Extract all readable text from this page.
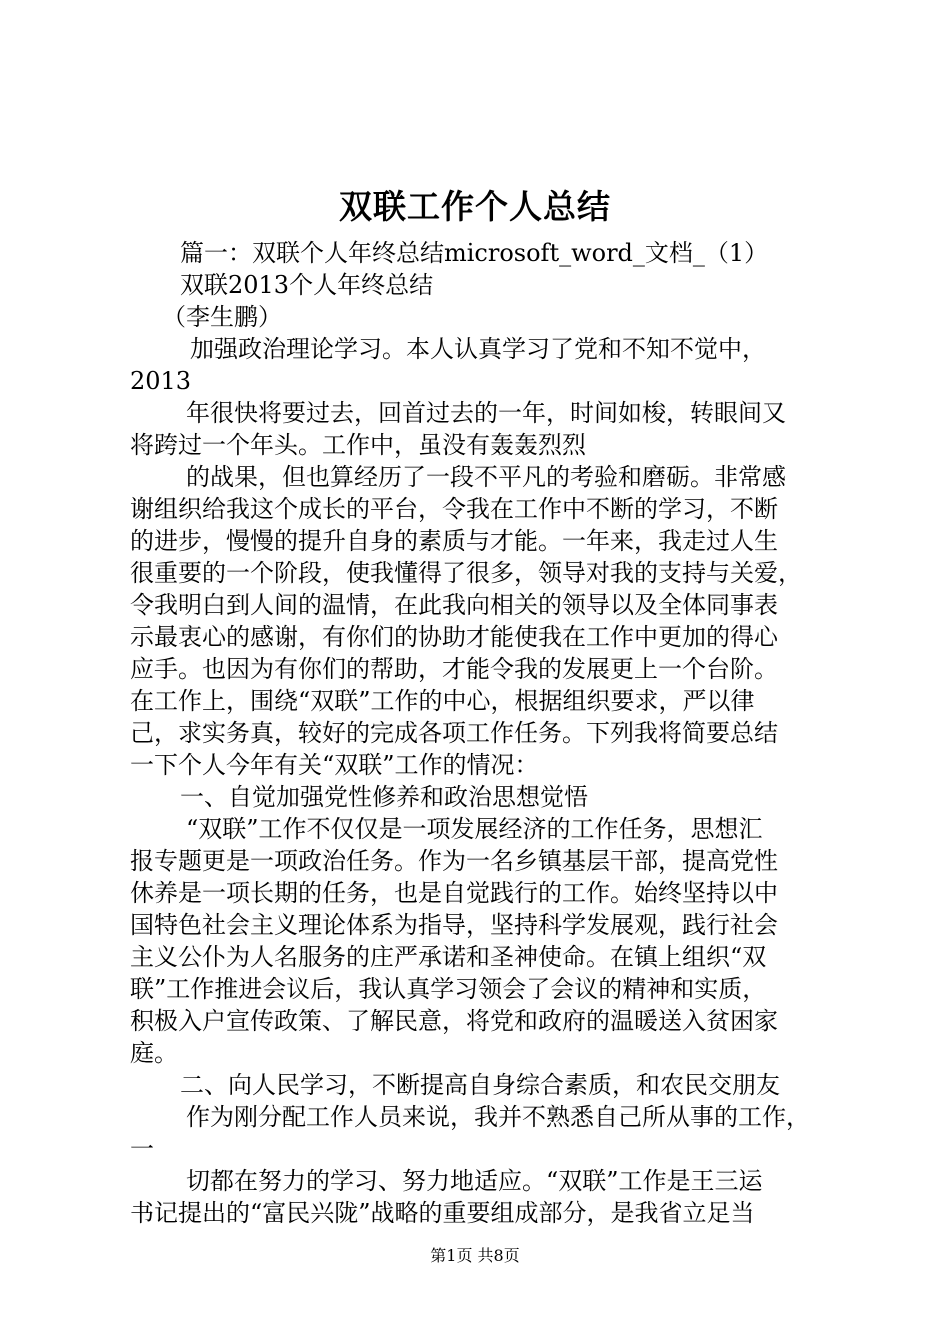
双联工作个人总结
篇一：双联个人年终总结microsoft_word_文档_（1）
双联2013个人年终总结
（李生鹏）
加强政治理论学习。本人认真学习了党和不知不觉中，
2013
年很快将要过去，回首过去的一年，时间如梭，转眼间又
将跨过一个年头。工作中，虽没有轰轰烈烈
的战果，但也算经历了一段不平凡的考验和磨砺。非常感
谢组织给我这个成长的平台，令我在工作中不断的学习，不断
的进步，慢慢的提升自身的素质与才能。一年来，我走过人生
很重要的一个阶段，使我懂得了很多，领导对我的支持与关爱，
令我明白到人间的温情，在此我向相关的领导以及全体同事表
示最衷心的感谢，有你们的协助才能使我在工作中更加的得心
应手。也因为有你们的帮助，才能令我的发展更上一个台阶。
在工作上，围绕“双联”工作的中心，根据组织要求，严以律
己，求实务真，较好的完成各项工作任务。下列我将简要总结
一下个人今年有关“双联”工作的情况：
一、自觉加强党性修养和政治思想觉悟
“双联”工作不仅仅是一项发展经济的工作任务，思想汇
报专题更是一项政治任务。作为一名乡镇基层干部，提高党性
休养是一项长期的任务，也是自觉践行的工作。始终坚持以中
国特色社会主义理论体系为指导，坚持科学发展观，践行社会
主义公仆为人名服务的庄严承诺和圣神使命。在镇上组织“双
联”工作推进会议后，我认真学习领会了会议的精神和实质，
积极入户宣传政策、了解民意，将党和政府的温暖送入贫困家
庭。
二、向人民学习，不断提高自身综合素质，和农民交朋友
作为刚分配工作人员来说，我并不熟悉自己所从事的工作，
一
切都在努力的学习、努力地适应。“双联”工作是王三运
书记提出的“富民兴陇”战略的重要组成部分，是我省立足当
第1页 共8页
